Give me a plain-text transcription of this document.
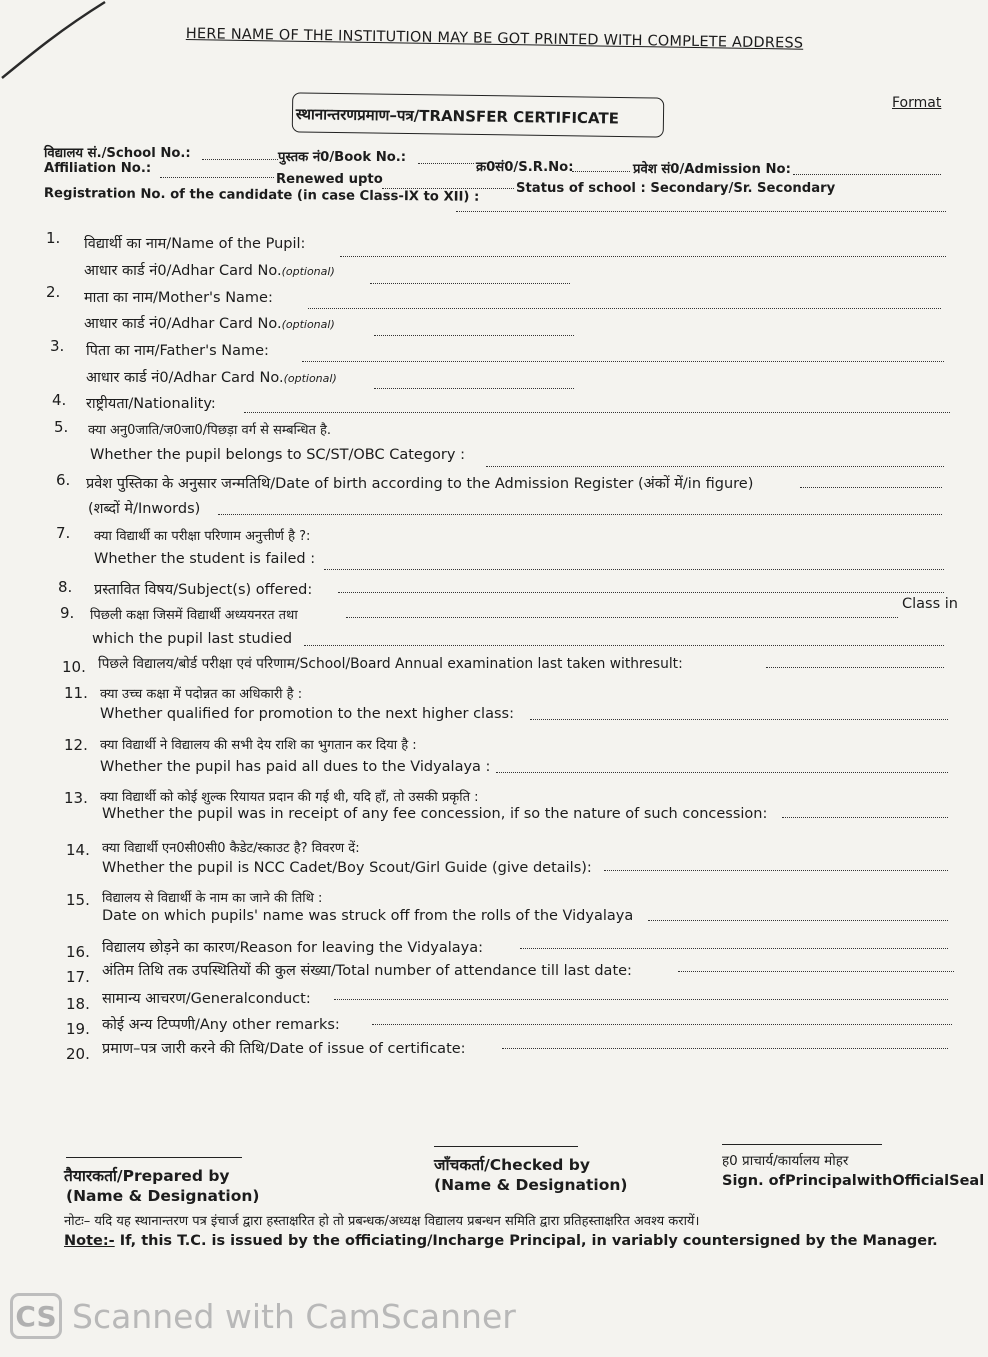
HERE NAME OF THE INSTITUTION MAY BE GOT PRINTED WITH COMPLETE ADDRESS
Format
स्थानान्तरणप्रमाण–पत्र/TRANSFER CERTIFICATE
विद्यालय सं./School No.:	पुस्तक नं0/Book No.:
क्र0सं0/S.R.No:	प्रवेश सं0/Admission No:
Affiliation No.:
Renewed upto
Status of school : Secondary/Sr. Secondary
Registration No. of the candidate (in case Class-IX to XII) :
1. विद्यार्थी का नाम/Name of the Pupil:
आधार कार्ड नं0/Adhar Card No.(optional)
2. माता का नाम/Mother's Name:
आधार कार्ड नं0/Adhar Card No.(optional)
3. पिता का नाम/Father's Name:
आधार कार्ड नं0/Adhar Card No.(optional)
4. राष्ट्रीयता/Nationality:
5. क्या अनु0जाति/ज0जा0/पिछड़ा वर्ग से सम्बन्धित है.
Whether the pupil belongs to SC/ST/OBC Category :
6. प्रवेश पुस्तिका के अनुसार जन्मतिथि/Date of birth according to the Admission Register (अंकों में/in figure)
(शब्दों मे/Inwords)
7. क्या विद्यार्थी का परीक्षा परिणाम अनुत्तीर्ण है ?:
Whether the student is failed :
8. प्रस्तावित विषय/Subject(s) offered:
9. पिछली कक्षा जिसमें विद्यार्थी अध्ययनरत तथा
Class in
which the pupil last studied
10. पिछले विद्यालय/बोर्ड परीक्षा एवं परिणाम/School/Board Annual examination last taken withresult:
11. क्या उच्च कक्षा में पदोन्नत का अधिकारी है :
Whether qualified for promotion to the next higher class:
12. क्या विद्यार्थी ने विद्यालय की सभी देय राशि का भुगतान कर दिया है :
Whether the pupil has paid all dues to the Vidyalaya :
13. क्या विद्यार्थी को कोई शुल्क रियायत प्रदान की गई थी, यदि हाँ, तो उसकी प्रकृति :
Whether the pupil was in receipt of any fee concession, if so the nature of such concession:
14. क्या विद्यार्थी एन0सी0सी0 कैडेट/स्काउट है? विवरण दें:
Whether the pupil is NCC Cadet/Boy Scout/Girl Guide (give details):
15. विद्यालय से विद्यार्थी के नाम का जाने की तिथि :
Date on which pupils' name was struck off from the rolls of the Vidyalaya
16. विद्यालय छोड़ने का कारण/Reason for leaving the Vidyalaya:
17. अंतिम तिथि तक उपस्थितियों की कुल संख्या/Total number of attendance till last date:
18. सामान्य आचरण/Generalconduct:
19. कोई अन्य टिप्पणी/Any other remarks:
20. प्रमाण–पत्र जारी करने की तिथि/Date of issue of certificate:
तैयारकर्ता/Prepared by
(Name & Designation)
जाँचकर्ता/Checked by
(Name & Designation)
ह0 प्राचार्य/कार्यालय मोहर
Sign. ofPrincipalwithOfficialSeal
नोटः– यदि यह स्थानान्तरण पत्र इंचार्ज द्वारा हस्ताक्षरित हो तो प्रबन्धक/अध्यक्ष विद्यालय प्रबन्धन समिति द्वारा प्रतिहस्ताक्षरित अवश्य करायें।
Note:- If, this T.C. is issued by the officiating/Incharge Principal, in variably countersigned by the Manager.
CS Scanned with CamScanner
